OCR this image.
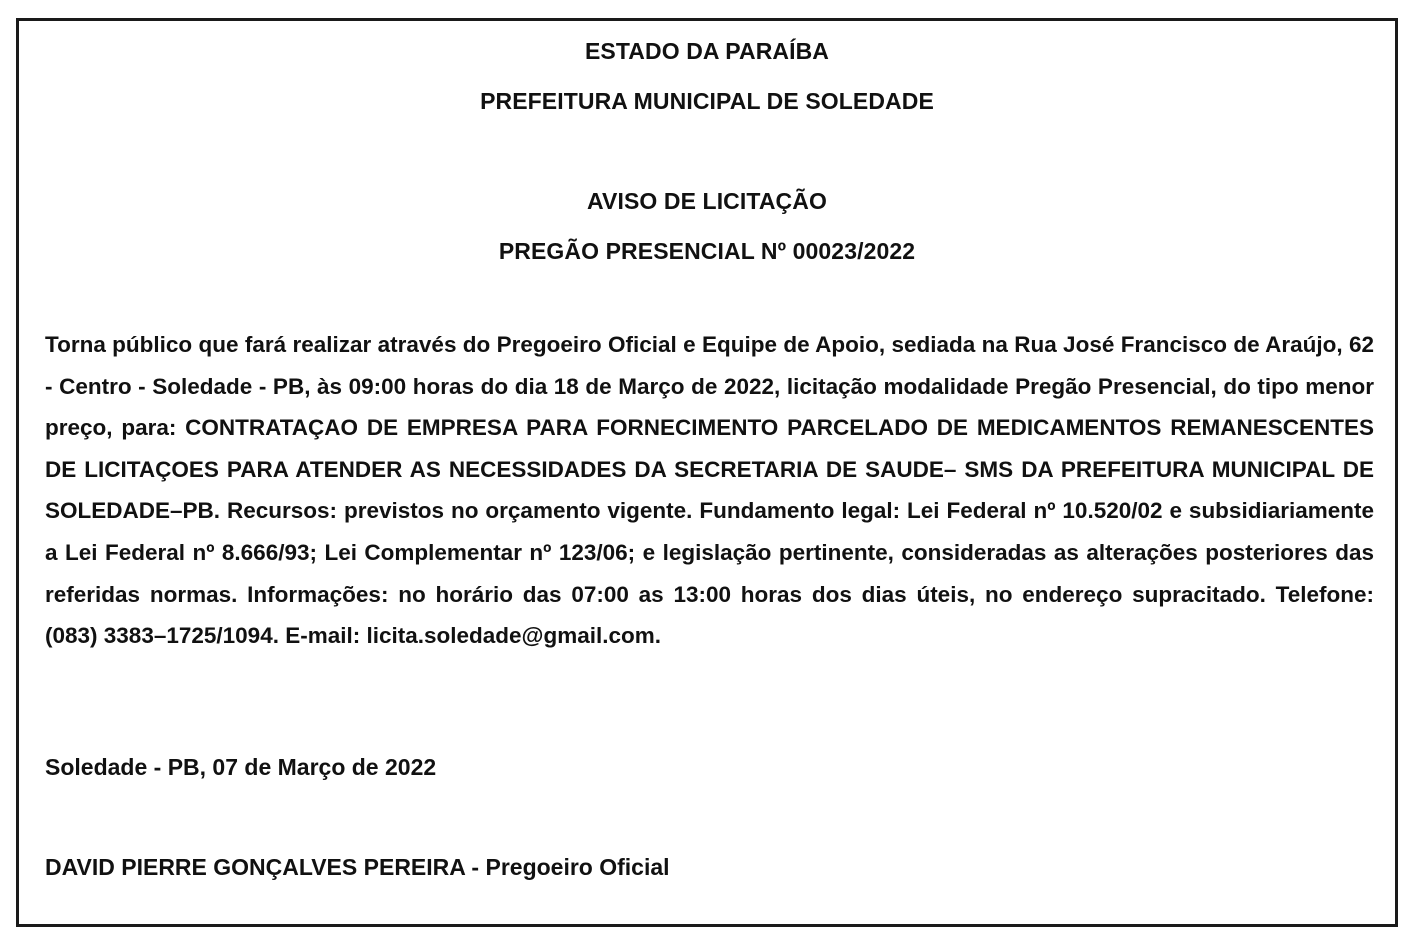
ESTADO DA PARAÍBA
PREFEITURA MUNICIPAL DE SOLEDADE
AVISO DE LICITAÇÃO
PREGÃO PRESENCIAL Nº 00023/2022

Torna público que fará realizar através do Pregoeiro Oficial e Equipe de Apoio, sediada na Rua José Francisco de Araújo, 62 - Centro - Soledade - PB, às 09:00 horas do dia 18 de Março de 2022, licitação modalidade Pregão Presencial, do tipo menor preço, para: CONTRATAÇAO DE EMPRESA PARA FORNECIMENTO PARCELADO DE MEDICAMENTOS REMANESCENTES DE LICITAÇOES PARA ATENDER AS NECESSIDADES DA SECRETARIA DE SAUDE– SMS DA PREFEITURA MUNICIPAL DE SOLEDADE–PB. Recursos: previstos no orçamento vigente. Fundamento legal: Lei Federal nº 10.520/02 e subsidiariamente a Lei Federal nº 8.666/93; Lei Complementar nº 123/06; e legislação pertinente, consideradas as alterações posteriores das referidas normas. Informações: no horário das 07:00 as 13:00 horas dos dias úteis, no endereço supracitado. Telefone: (083) 3383–1725/1094. E-mail: licita.soledade@gmail.com.

Soledade - PB, 07 de Março de 2022
DAVID PIERRE GONÇALVES PEREIRA - Pregoeiro Oficial
